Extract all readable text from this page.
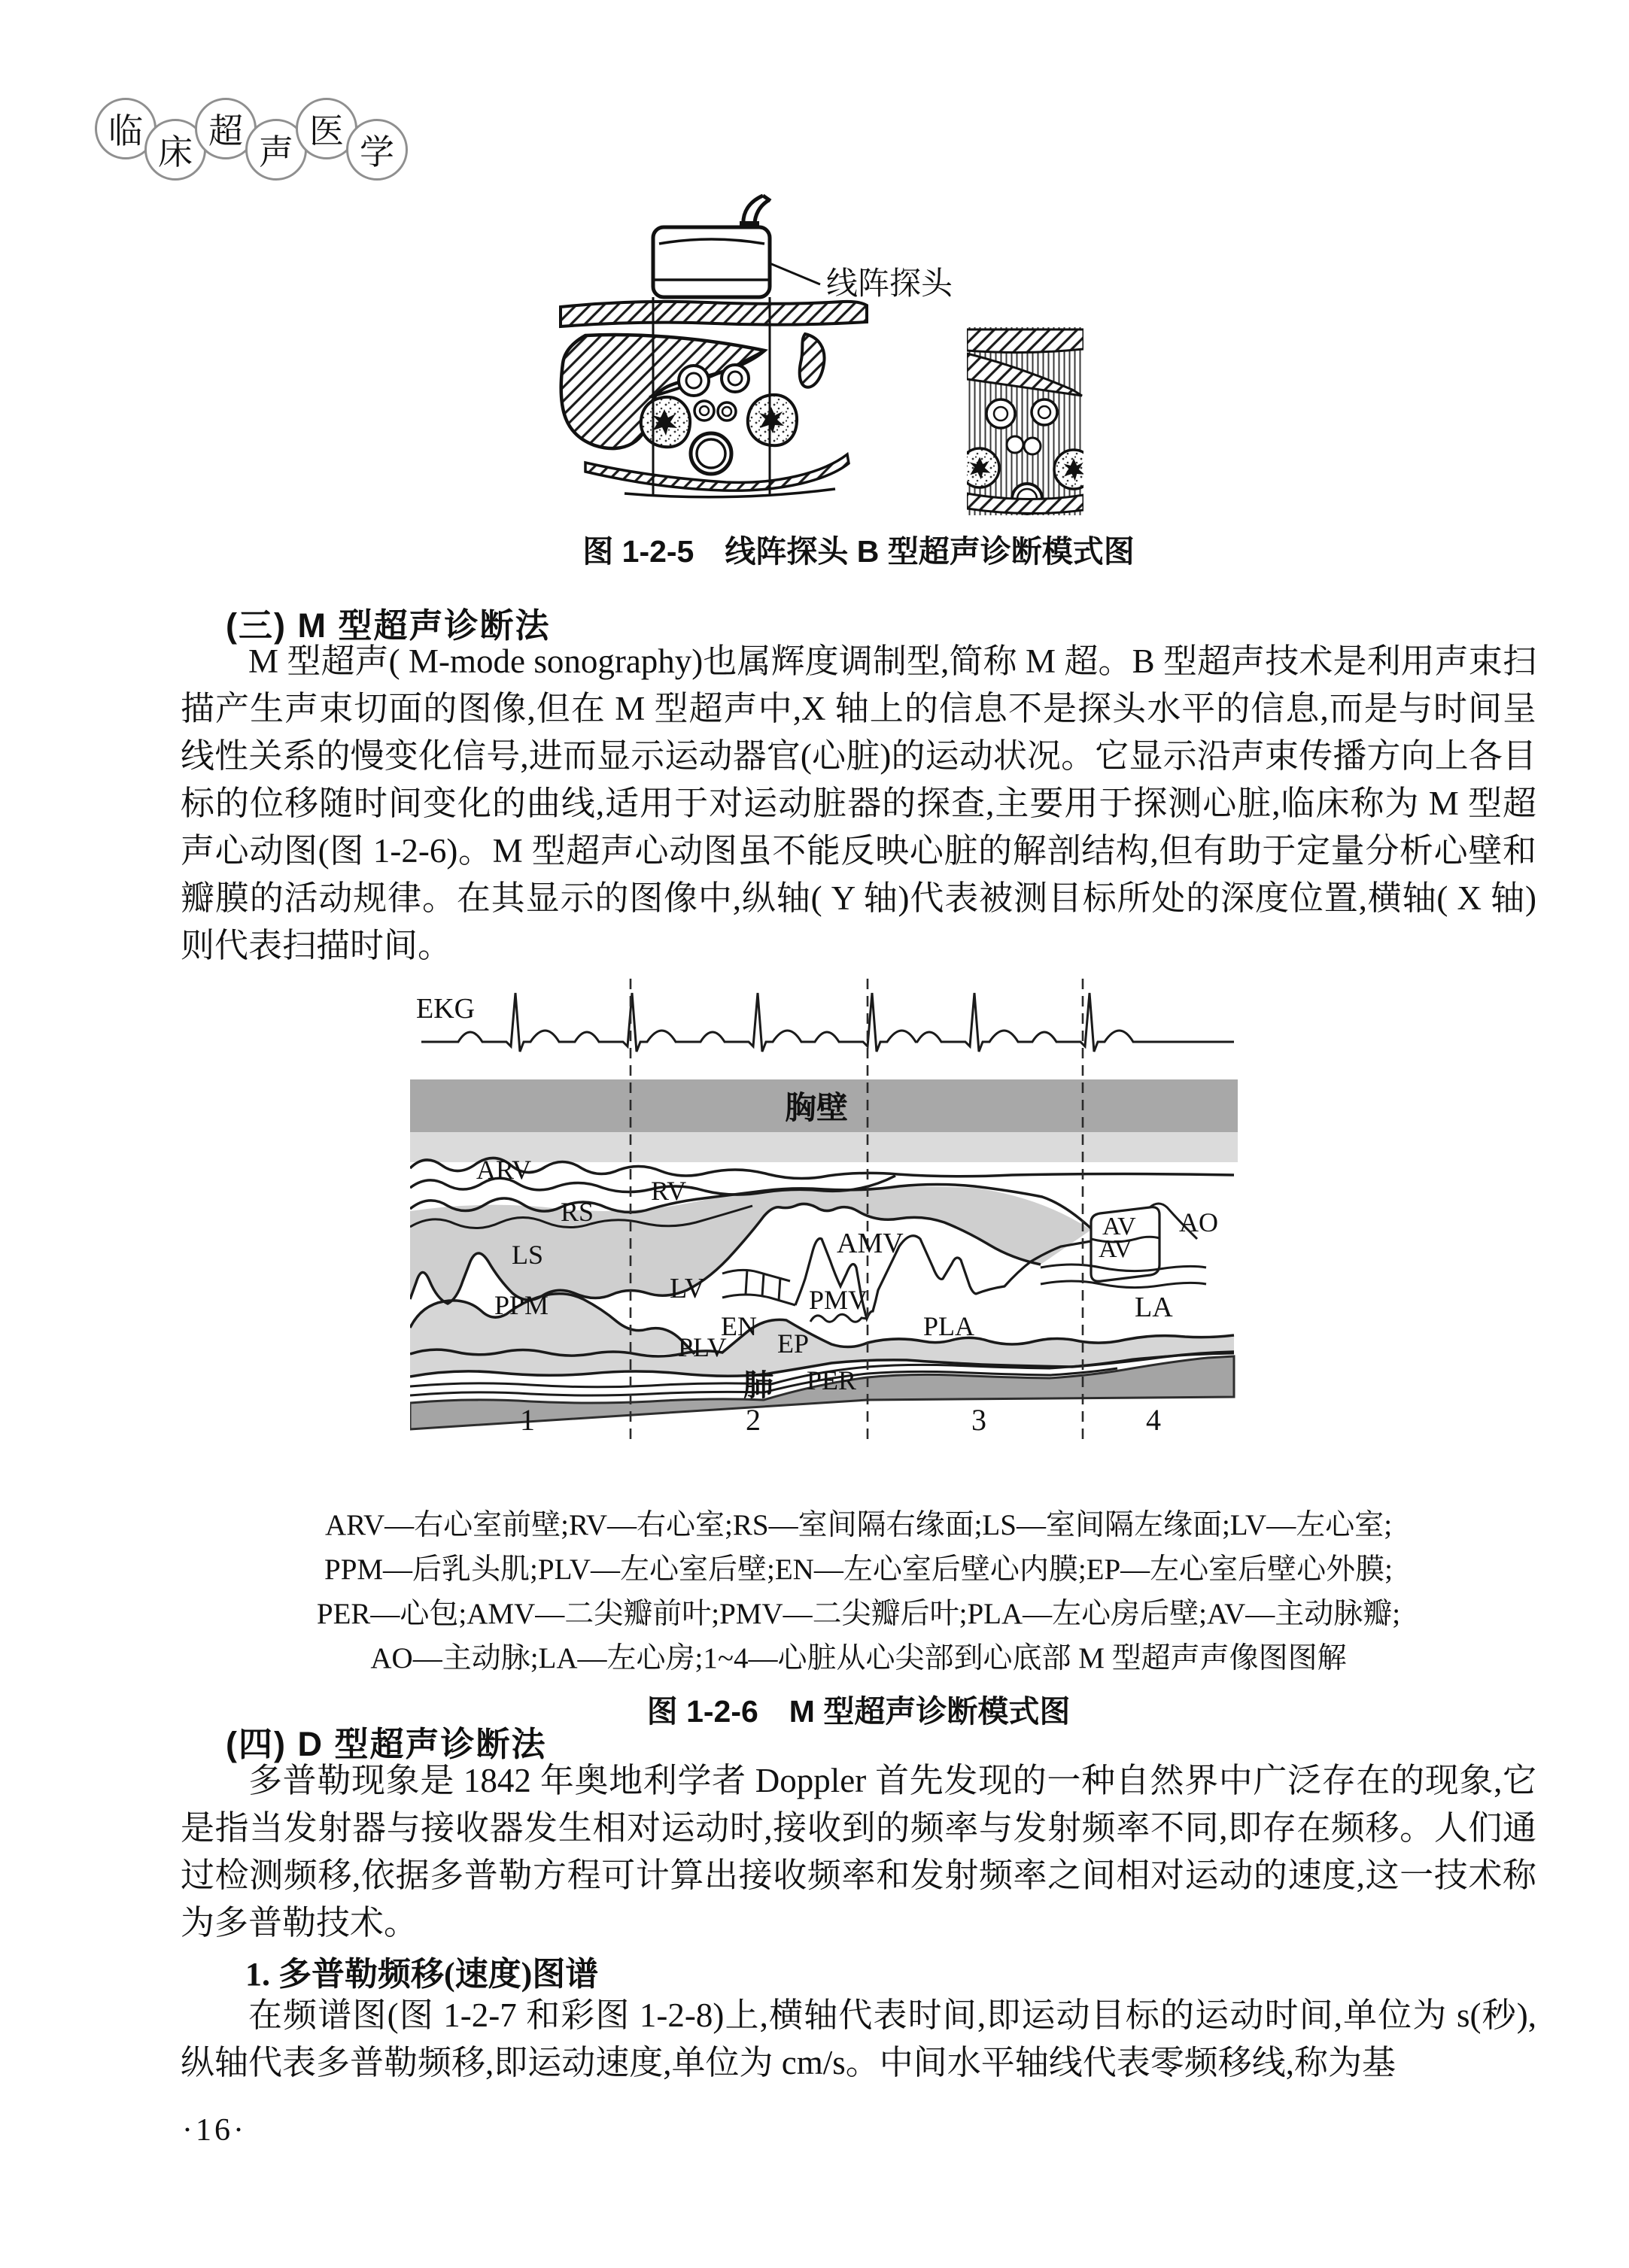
临
床
超
声
医
学
线阵探头
图 1-2-5　线阵探头 B 型超声诊断模式图
(三) M 型超声诊断法
M 型超声( M-mode sonography)也属辉度调制型,简称 M 超。B 型超声技术是利用声束扫描产生声束切面的图像,但在 M 型超声中,X 轴上的信息不是探头水平的信息,而是与时间呈线性关系的慢变化信号,进而显示运动器官(心脏)的运动状况。它显示沿声束传播方向上各目标的位移随时间变化的曲线,适用于对运动脏器的探查,主要用于探测心脏,临床称为 M 型超声心动图(图 1-2-6)。M 型超声心动图虽不能反映心脏的解剖结构,但有助于定量分析心壁和瓣膜的活动规律。在其显示的图像中,纵轴( Y 轴)代表被测目标所处的深度位置,横轴( X 轴)则代表扫描时间。
EKG
胸壁
ARV
RS
RV
LS
LV
AMV
PPM	PMV
EN
PLV EP
PLA
LA
AV
AV
AO
肺 PER
1	2	3	4
ARV—右心室前壁;RV—右心室;RS—室间隔右缘面;LS—室间隔左缘面;LV—左心室;
PPM—后乳头肌;PLV—左心室后壁;EN—左心室后壁心内膜;EP—左心室后壁心外膜;
PER—心包;AMV—二尖瓣前叶;PMV—二尖瓣后叶;PLA—左心房后壁;AV—主动脉瓣;
AO—主动脉;LA—左心房;1~4—心脏从心尖部到心底部 M 型超声声像图图解
图 1-2-6　M 型超声诊断模式图
(四) D 型超声诊断法
多普勒现象是 1842 年奥地利学者 Doppler 首先发现的一种自然界中广泛存在的现象,它是指当发射器与接收器发生相对运动时,接收到的频率与发射频率不同,即存在频移。人们通过检测频移,依据多普勒方程可计算出接收频率和发射频率之间相对运动的速度,这一技术称为多普勒技术。
1. 多普勒频移(速度)图谱
在频谱图(图 1-2-7 和彩图 1-2-8)上,横轴代表时间,即运动目标的运动时间,单位为 s(秒),纵轴代表多普勒频移,即运动速度,单位为 cm/s。中间水平轴线代表零频移线,称为基
·16·
